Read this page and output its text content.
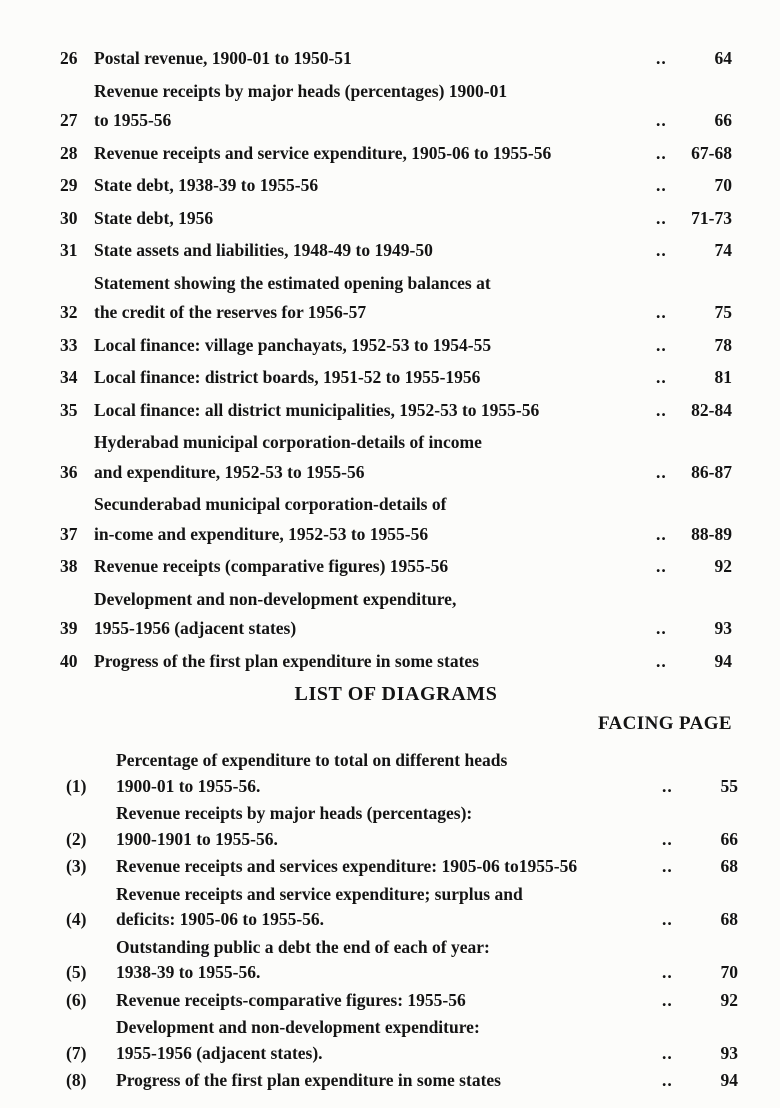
26 Postal revenue, 1900-01 to 1950-51	..	64
27
Revenue receipts by major heads (percentages) 1900-01
to 1955-56	..	66
28 Revenue receipts and service expenditure, 1905-06 to 1955-56	..	67-68
29 State debt, 1938-39 to 1955-56	..	70
30 State debt, 1956	..	71-73
31 State assets and liabilities, 1948-49 to 1949-50	..	74
32
Statement showing the estimated opening balances at
the credit of the reserves for 1956-57	..	75
33 Local finance: village panchayats, 1952-53 to 1954-55	..	78
34 Local finance: district boards, 1951-52 to 1955-1956	..	81
35 Local finance: all district municipalities, 1952-53 to 1955-56	..	82-84
36
Hyderabad municipal corporation-details of income
and expenditure, 1952-53 to 1955-56	..	86-87
37
Secunderabad municipal corporation-details of
in-come and expenditure, 1952-53 to 1955-56	..	88-89
38 Revenue receipts (comparative figures) 1955-56	..	92
39
Development and non-development expenditure,
1955-1956 (adjacent states)	..	93
40 Progress of the first plan expenditure in some states	..	94
LIST OF DIAGRAMS
FACING PAGE
(1)
Percentage of expenditure to total on different heads
1900-01 to 1955-56.	..	55
(2)
Revenue receipts by major heads (percentages):
1900-1901 to 1955-56.	..	66
(3)	Revenue receipts and services expenditure: 1905-06 to1955-56	..	68
(4)
Revenue receipts and service expenditure; surplus and
deficits: 1905-06 to 1955-56.	..	68
(5)
Outstanding public a debt the end of each of year:
1938-39 to 1955-56.	..	70
(6)	Revenue receipts-comparative figures: 1955-56	..	92
(7)
Development and non-development expenditure:
1955-1956 (adjacent states).	..	93
(8)	Progress of the first plan expenditure in some states	..	94
